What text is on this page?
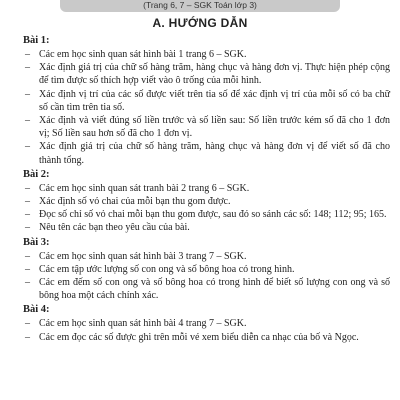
(Trang 6, 7 – SGK Toán lớp 3)
A. HƯỚNG DẪN
Bài 1:
– Các em học sinh quan sát hình bài 1 trang 6 – SGK.
– Xác định giá trị của chữ số hàng trăm, hàng chục và hàng đơn vị. Thực hiện phép cộng để tìm được số thích hợp viết vào ô trống của mỗi hình.
– Xác định vị trí của các số được viết trên tia số để xác định vị trí của mỗi số có ba chữ số cần tìm trên tia số.
– Xác định và viết đúng số liền trước và số liền sau: Số liền trước kém số đã cho 1 đơn vị; Số liền sau hơn số đã cho 1 đơn vị.
– Xác định giá trị của chữ số hàng trăm, hàng chục và hàng đơn vị để viết số đã cho thành tổng.
Bài 2:
– Các em học sinh quan sát tranh bài 2 trang 6 – SGK.
– Xác định số vỏ chai của mỗi bạn thu gom được.
– Đọc số chỉ số vỏ chai mỗi bạn thu gom được, sau đó so sánh các số: 148; 112; 95; 165.
– Nêu tên các bạn theo yêu cầu của bài.
Bài 3:
– Các em học sinh quan sát hình bài 3 trang 7 – SGK.
– Các em tập ước lượng số con ong và số bông hoa có trong hình.
– Các em đếm số con ong và số bông hoa có trong hình để biết số lượng con ong và số bông hoa một cách chính xác.
Bài 4:
– Các em học sinh quan sát hình bài 4 trang 7 – SGK.
– Các em đọc các số được ghi trên mỗi vé xem biểu diễn ca nhạc của bố và Ngọc.
